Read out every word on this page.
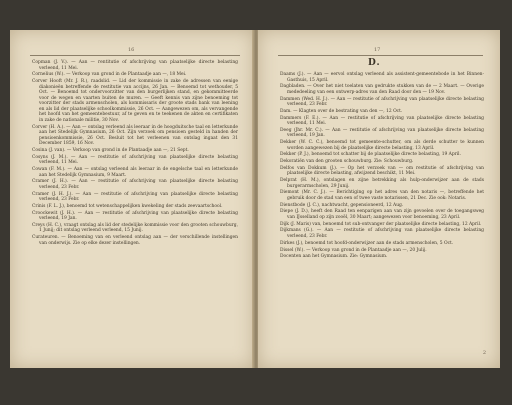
16
Copman (J. V.). — Aan — rentitutie of afschrijving van plaatselijke directe belasting verleend, 11 Mei.
Cornelius (W.). — Verkoop van grond in de Plantaadje aan —, 18 Mei.
Corver Hooft (Mr. J. R.), raadslid. — Lid der kommissie in zake de adressen van eenige diakonieën betreffende de restitutie van accijns, 26 Jan. — Benoemd tot wethouder, 5 Oct. — Benoemd tot ondervoorzitter van den burgerlijken stand, en gekommitteerde voor de wegen en vaarten buiten de muren. — Geeft kennis van zijne benoeming tot voorzitter der stads armenscholen, als kommissaris der groote stads bank van leening en als lid der plaatselijke schoolkommissie, 26 Oct. — Aangewezen om, als vervangende het hoofd van het gemeentebestuur, af te geven en te teekenen de akten en certifikaten in zake de nationale militie, 30 Nov.
Corver (H. A.). — Aan — ontslag verleend als leeraar in de hoogduitsche taal en letterkunde aan het Stedelijk Gymnasium, 26 Oct. Zijn verzoek om pensioen gesteld in handen der pensioenkommissie, 26 Oct. Besluit tot het verleenen van ontslag ingaat den 31 December 1859, 16 Nov.
Cosina (J. van). — Verkoop van grond in de Plantaadje aan —, 21 Sept.
Cosyns (J. M.). — Aan — restitutie of afschrijving van plaatselijke directe belasting verleend, 11 Mei.
Cowan (F. M.). — Aan — ontslag verleend als leeraar in de engelsche taal en letterkunde aan het Stedelijk Gymnasium, 9 Maart.
Cramer (J. H.). — Aan — restitutie of afschrijving van plaatselijke directe belasting verleend, 23 Febr.
Cramer (J. H. J.). — Aan — restitutie of afschrijving van plaatselijke directe belasting verleend, 23 Febr.
Crinis (F. L. J.), benoemd tot wetenschappelijken kwekeling der stads zeevaartschool.
Croockewit (J. H.). — Aan — restitutie of afschrijving van plaatselijke directe belasting verleend, 19 Jan.
Creys (H. C.), vraagt ontslag als lid der stedelijke kommissie voor den grooten schouwburg, 1 Junij; dit ontslag verleend verleend, 15 Junij.
Curateuren. — Benoeming van en verleend ontslag aan — der verschillende instellingen van onderwijs. Zie op elke dezer instellingen.
17
D.
Daams (J.). — Aan — eervol ontslag verleend als assistent-gemeentebode in het Binnen-Gasthuis, 15 April.
Dagbladen. — Over het niet toelaten van gedrukte stukken van de — 2 Maart. — Overige mededeeling van een ontwerp-adres van den Raad door den — 19 Nov.
Dammen (Wed. H. J.). — Aan — restitutie of afschrijving van plaatselijke directe belasting verleend, 23 Febr.
Dam. — Klagten over de bestrating van den —, 12 Oct.
Dammers (F. E.). — Aan — restitutie of afschrijving van plaatselijke directe belasting verleend, 11 Mei.
Deeg (Jhr. Mr. C.). — Aan — restitutie of afschrijving van plaatselijke directe belasting verleend, 19 Jan.
Dekker (W. C. C.), benoemd tot gemeente-schutter, om als derde schutter te kunnen worden aangewezen bij de plaatselijke directe belasting, 13 April.
Dekker (P. J.), benoemd tot schatter bij de plaatselijke directe belasting, 19 April.
Dekoratiën van den grooten schouwburg. Zie: Schouwburg.
Delfos van Dokkum (J.). — Op het verzoek van — om restitutie of afschrijving van plaatselijke directe belasting, afwijzend beschikt, 11 Mei.
Delprat (H. M.), ontslagen en zijne betrekking als hulp-onderwijzer aan de stads burgerarmscholen, 29 Junij.
Diemont (Mr. C. J.). — Berichtiging op het adres van den notaris —, betreffende het gebruik door de stad van een of twee vaste notarissen, 21 Dec. Zie ook: Notaris.
Dienstbode (J. C.), nachtwacht, gepensioneerd, 12 Aug.
Diepe (J. D.), heeft den Raad ten eenparigen aan van zijn gevoelen over de toegangsweg van IJsselland op zijn zooël, 30 Maart; aangewezen voor benoeming, 23 April.
Dijk (J. Maris) van, benoemd tot sub-ontvanger der plaatselijke directe belasting, 12 April.
Dijkmans (G.). — Aan — restitutie of afschrijving van plaatselijke directe belasting verleend, 23 Febr.
Dirkes (J.), benoemd tot hoofd-onderwijzer aan de stads armenscholen, 5 Oct.
Dissel (W.). — Verkoop van grond in de Plantaadje aan —, 20 Julij.
Docenten aan het Gymnasium. Zie: Gymnasium.
2
